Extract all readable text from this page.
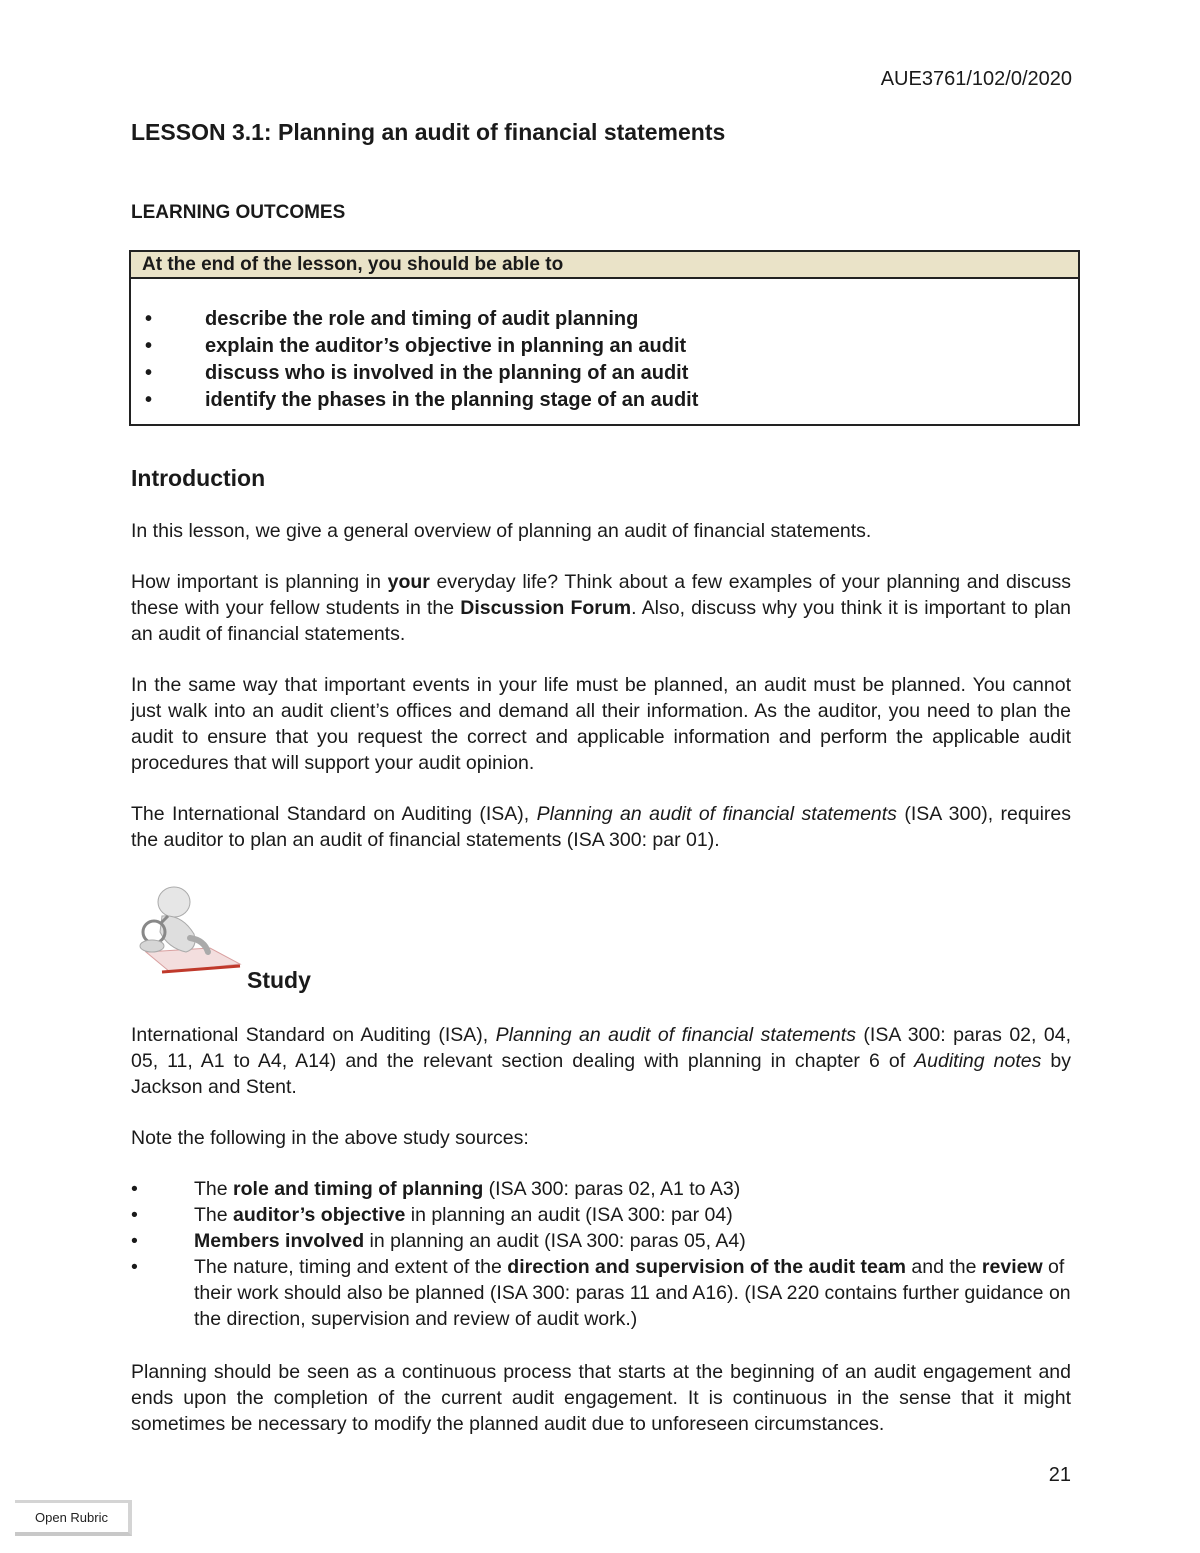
AUE3761/102/0/2020
LESSON 3.1: Planning an audit of financial statements
LEARNING OUTCOMES
At the end of the lesson, you should be able to
•	describe the role and timing of audit planning
•	explain the auditor’s objective in planning an audit
•	discuss who is involved in the planning of an audit
•	identify the phases in the planning stage of an audit
Introduction

In this lesson, we give a general overview of planning an audit of financial statements.

How important is planning in your everyday life? Think about a few examples of your planning and discuss these with your fellow students in the Discussion Forum. Also, discuss why you think it is important to plan an audit of financial statements.

In the same way that important events in your life must be planned, an audit must be planned. You cannot just walk into an audit client’s offices and demand all their information. As the auditor, you need to plan the audit to ensure that you request the correct and applicable information and perform the applicable audit procedures that will support your audit opinion.

The International Standard on Auditing (ISA), Planning an audit of financial statements (ISA 300), requires the auditor to plan an audit of financial statements (ISA 300: par 01).

Study

International Standard on Auditing (ISA), Planning an audit of financial statements (ISA 300: paras 02, 04, 05, 11, A1 to A4, A14) and the relevant section dealing with planning in chapter 6 of Auditing notes by Jackson and Stent.

Note the following in the above study sources:

•	The role and timing of planning (ISA 300: paras 02, A1 to A3)
•	The auditor’s objective in planning an audit (ISA 300: par 04)
•	Members involved in planning an audit (ISA 300: paras 05, A4)
•	The nature, timing and extent of the direction and supervision of the audit team and the review of their work should also be planned (ISA 300: paras 11 and A16). (ISA 220 contains further guidance on the direction, supervision and review of audit work.)

Planning should be seen as a continuous process that starts at the beginning of an audit engagement and ends upon the completion of the current audit engagement. It is continuous in the sense that it might sometimes be necessary to modify the planned audit due to unforeseen circumstances.

21
Open Rubric
